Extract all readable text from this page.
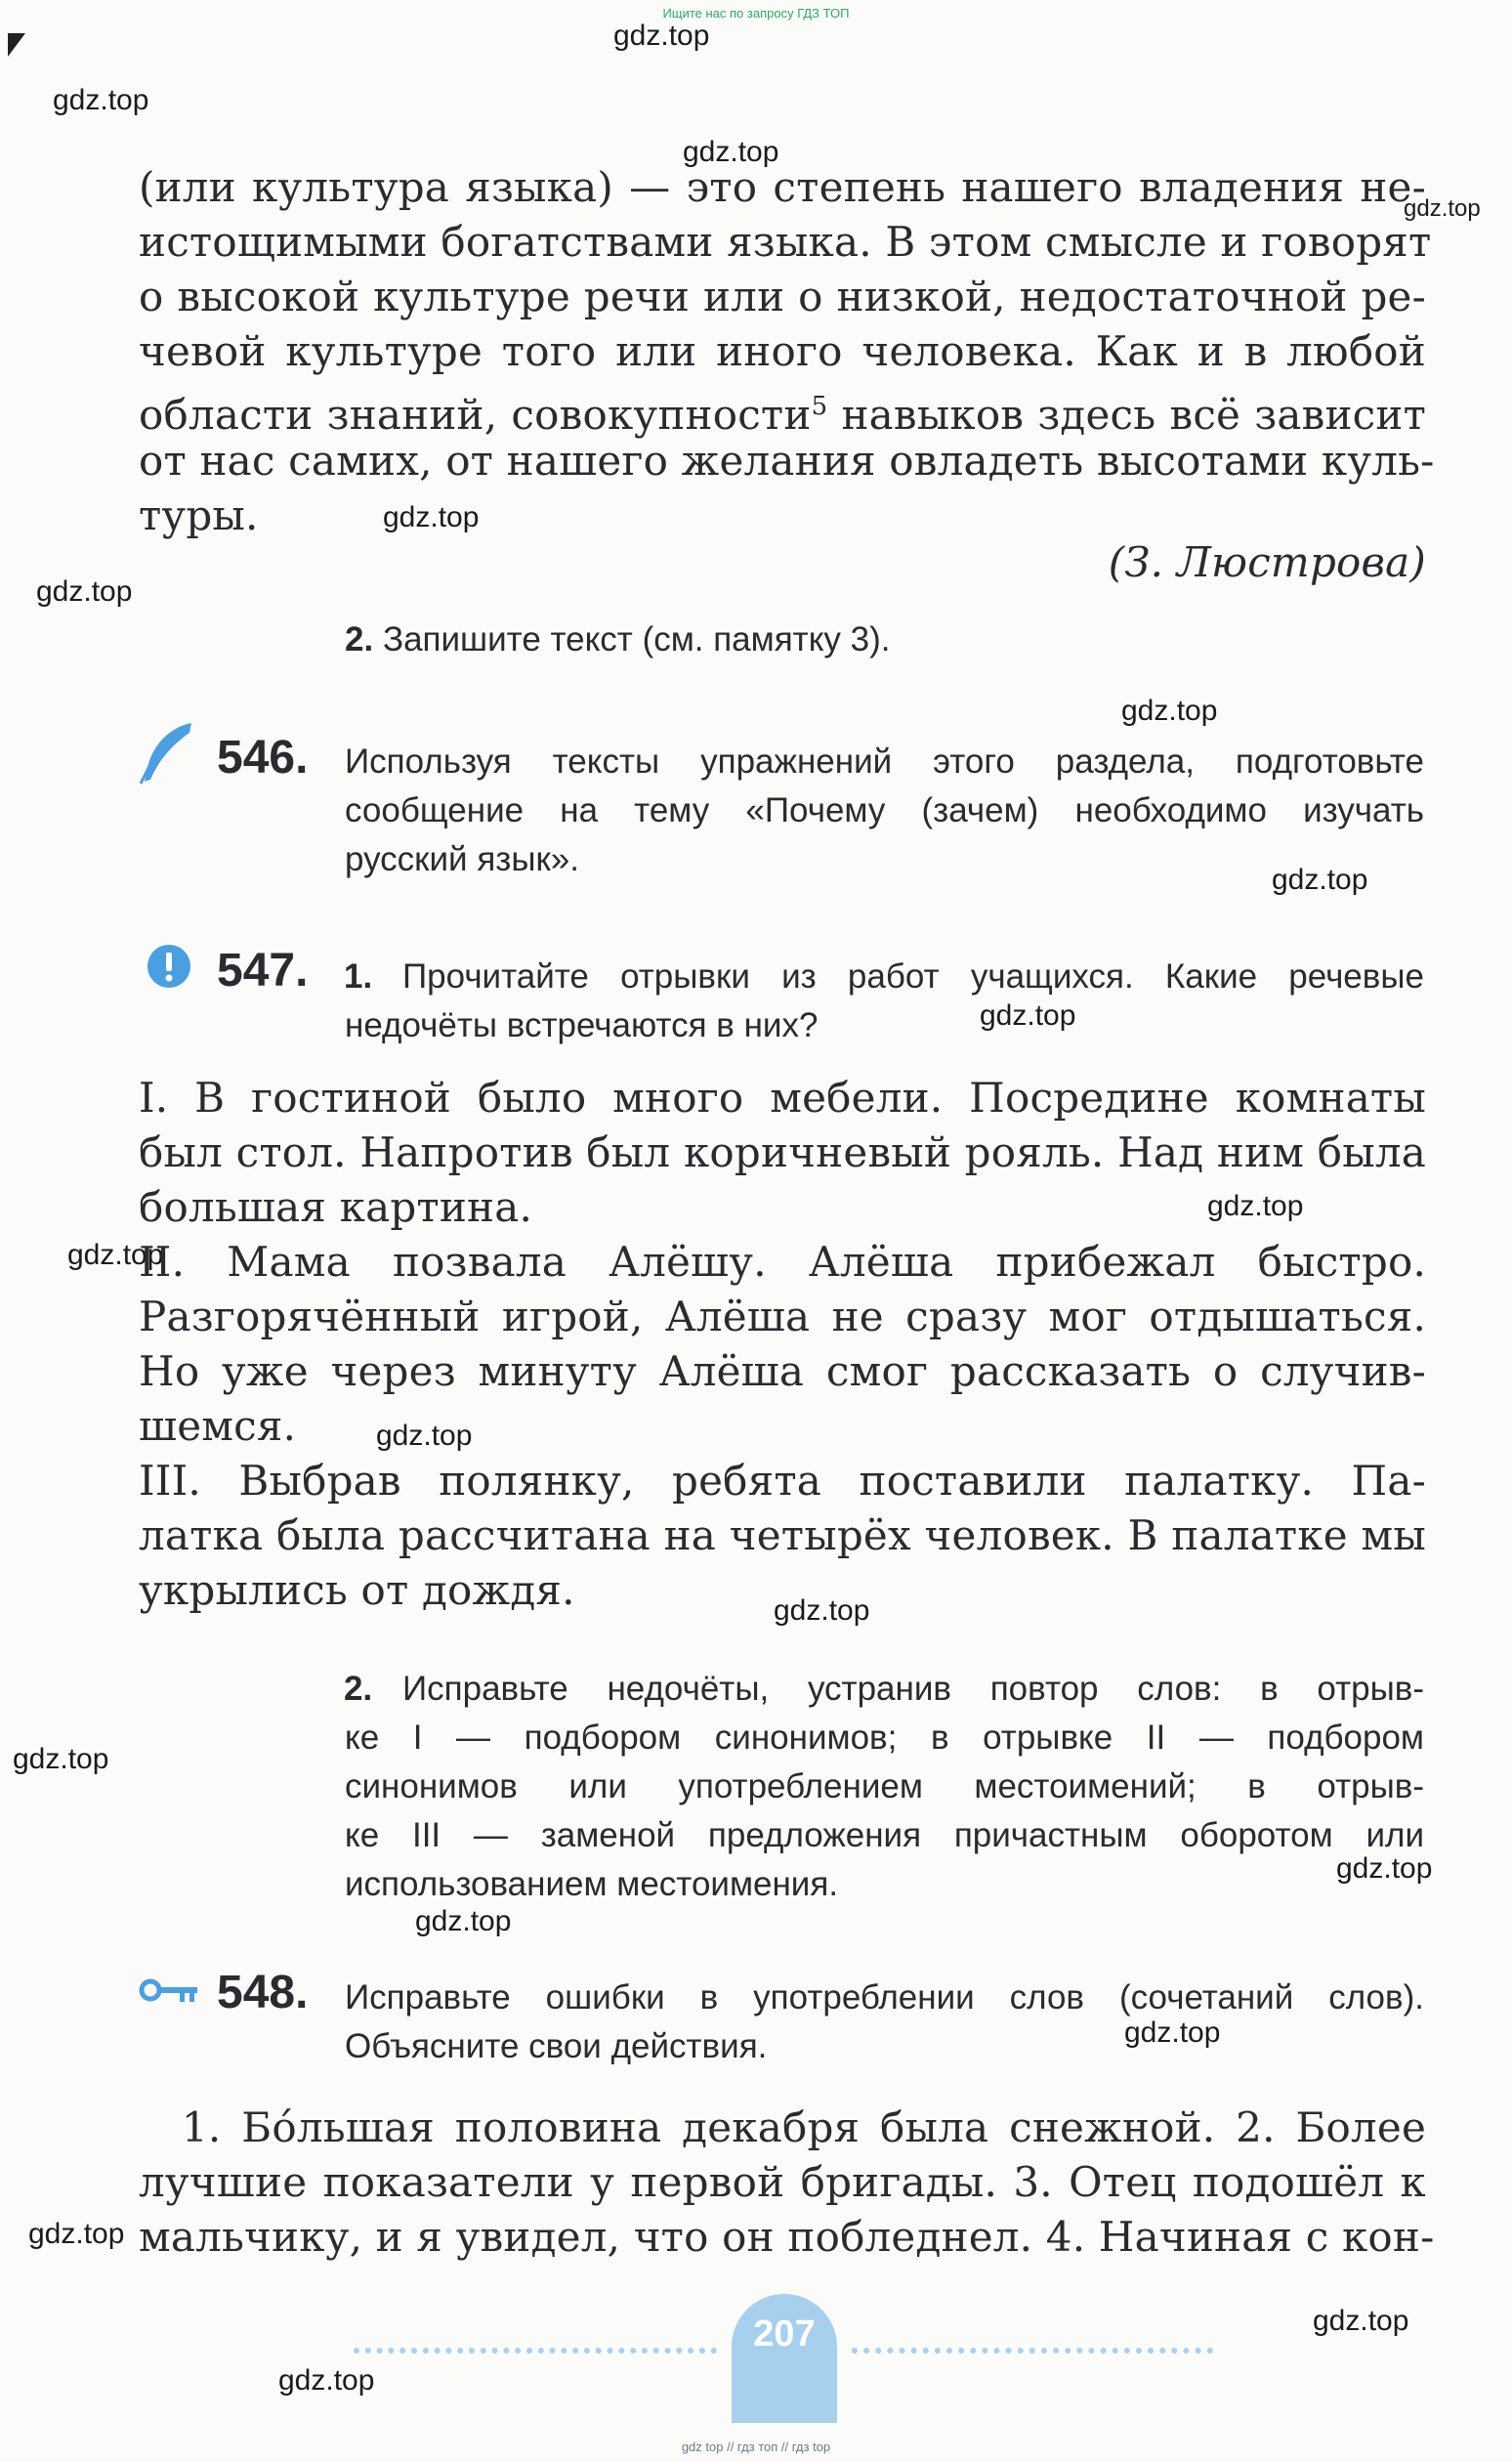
Ищите нас по запросу ГДЗ ТОП
gdz.top
gdz.top
gdz.top
gdz.top
gdz.top
gdz.top
gdz.top
gdz.top
gdz.top
gdz.top
gdz.top
gdz.top
gdz.top
gdz.top
gdz.top
gdz.top
gdz.top
gdz.top
gdz.top
gdz.top
(или культура языка) — это степень нашего владения не-
истощимыми богатствами языка. В этом смысле и говорят
о высокой культуре речи или о низкой, недостаточной ре-
чевой культуре того или иного человека. Как и в любой
области знаний, совокупности$^5$ навыков здесь всё зависит
от нас самих, от нашего желания овладеть высотами куль-
туры.
(З. Люстрова)
2. Запишите текст (см. памятку 3).
546. Используя тексты упражнений этого раздела, подготовьте
сообщение на тему «Почему (зачем) необходимо изучать
русский язык».
547. 1. Прочитайте отрывки из работ учащихся. Какие речевые
недочёты встречаются в них?
I. В гостиной было много мебели. Посредине комнаты
был стол. Напротив был коричневый рояль. Над ним была
большая картина.
II. Мама позвала Алёшу. Алёша прибежал быстро.
Разгорячённый игрой, Алёша не сразу мог отдышаться.
Но уже через минуту Алёша смог рассказать о случив-
шемся.
III. Выбрав полянку, ребята поставили палатку. Па-
латка была рассчитана на четырёх человек. В палатке мы
укрылись от дождя.
2. Исправьте недочёты, устранив повтор слов: в отрыв-
ке I — подбором синонимов; в отрывке II — подбором
синонимов или употреблением местоимений; в отрыв-
ке III — заменой предложения причастным оборотом или
использованием местоимения.
548. Исправьте ошибки в употреблении слов (сочетаний слов).
Объясните свои действия.
1. Бóльшая половина декабря была снежной. 2. Более
лучшие показатели у первой бригады. 3. Отец подошёл к
мальчику, и я увидел, что он побледнел. 4. Начиная с кон-
207
gdz top // гдз топ // гдз top
